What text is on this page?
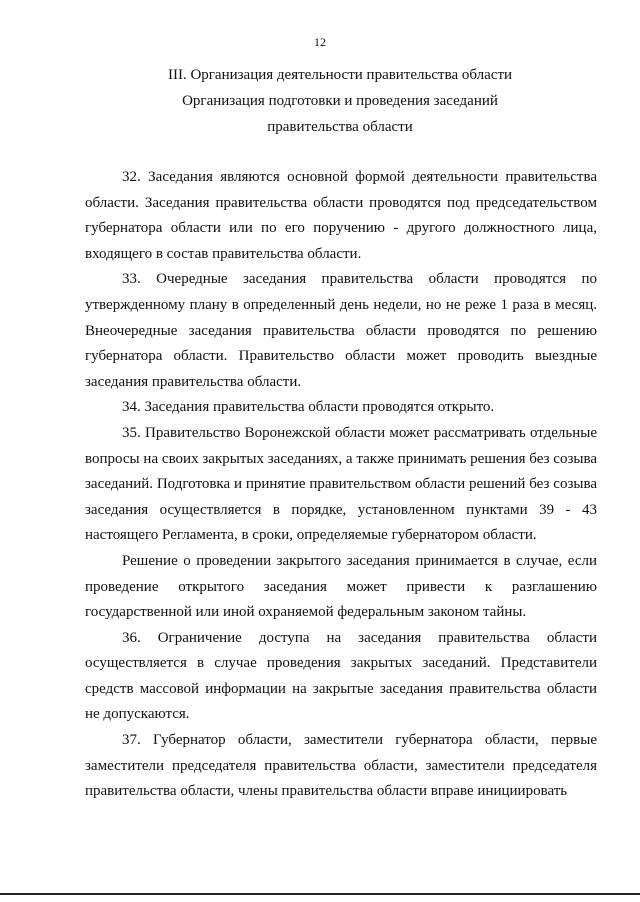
12
III. Организация деятельности правительства области
Организация подготовки и проведения заседаний
правительства области

32. Заседания являются основной формой деятельности правительства области. Заседания правительства области проводятся под председательством губернатора области или по его поручению - другого должностного лица, входящего в состав правительства области.

33. Очередные заседания правительства области проводятся по утвержденному плану в определенный день недели, но не реже 1 раза в месяц. Внеочередные заседания правительства области проводятся по решению губернатора области. Правительство области может проводить выездные заседания правительства области.

34. Заседания правительства области проводятся открыто.

35. Правительство Воронежской области может рассматривать отдельные вопросы на своих закрытых заседаниях, а также принимать решения без созыва заседаний. Подготовка и принятие правительством области решений без созыва заседания осуществляется в порядке, установленном пунктами 39 - 43 настоящего Регламента, в сроки, определяемые губернатором области.

Решение о проведении закрытого заседания принимается в случае, если проведение открытого заседания может привести к разглашению государственной или иной охраняемой федеральным законом тайны.

36. Ограничение доступа на заседания правительства области осуществляется в случае проведения закрытых заседаний. Представители средств массовой информации на закрытые заседания правительства области не допускаются.

37. Губернатор области, заместители губернатора области, первые заместители председателя правительства области, заместители председателя правительства области, члены правительства области вправе инициировать
